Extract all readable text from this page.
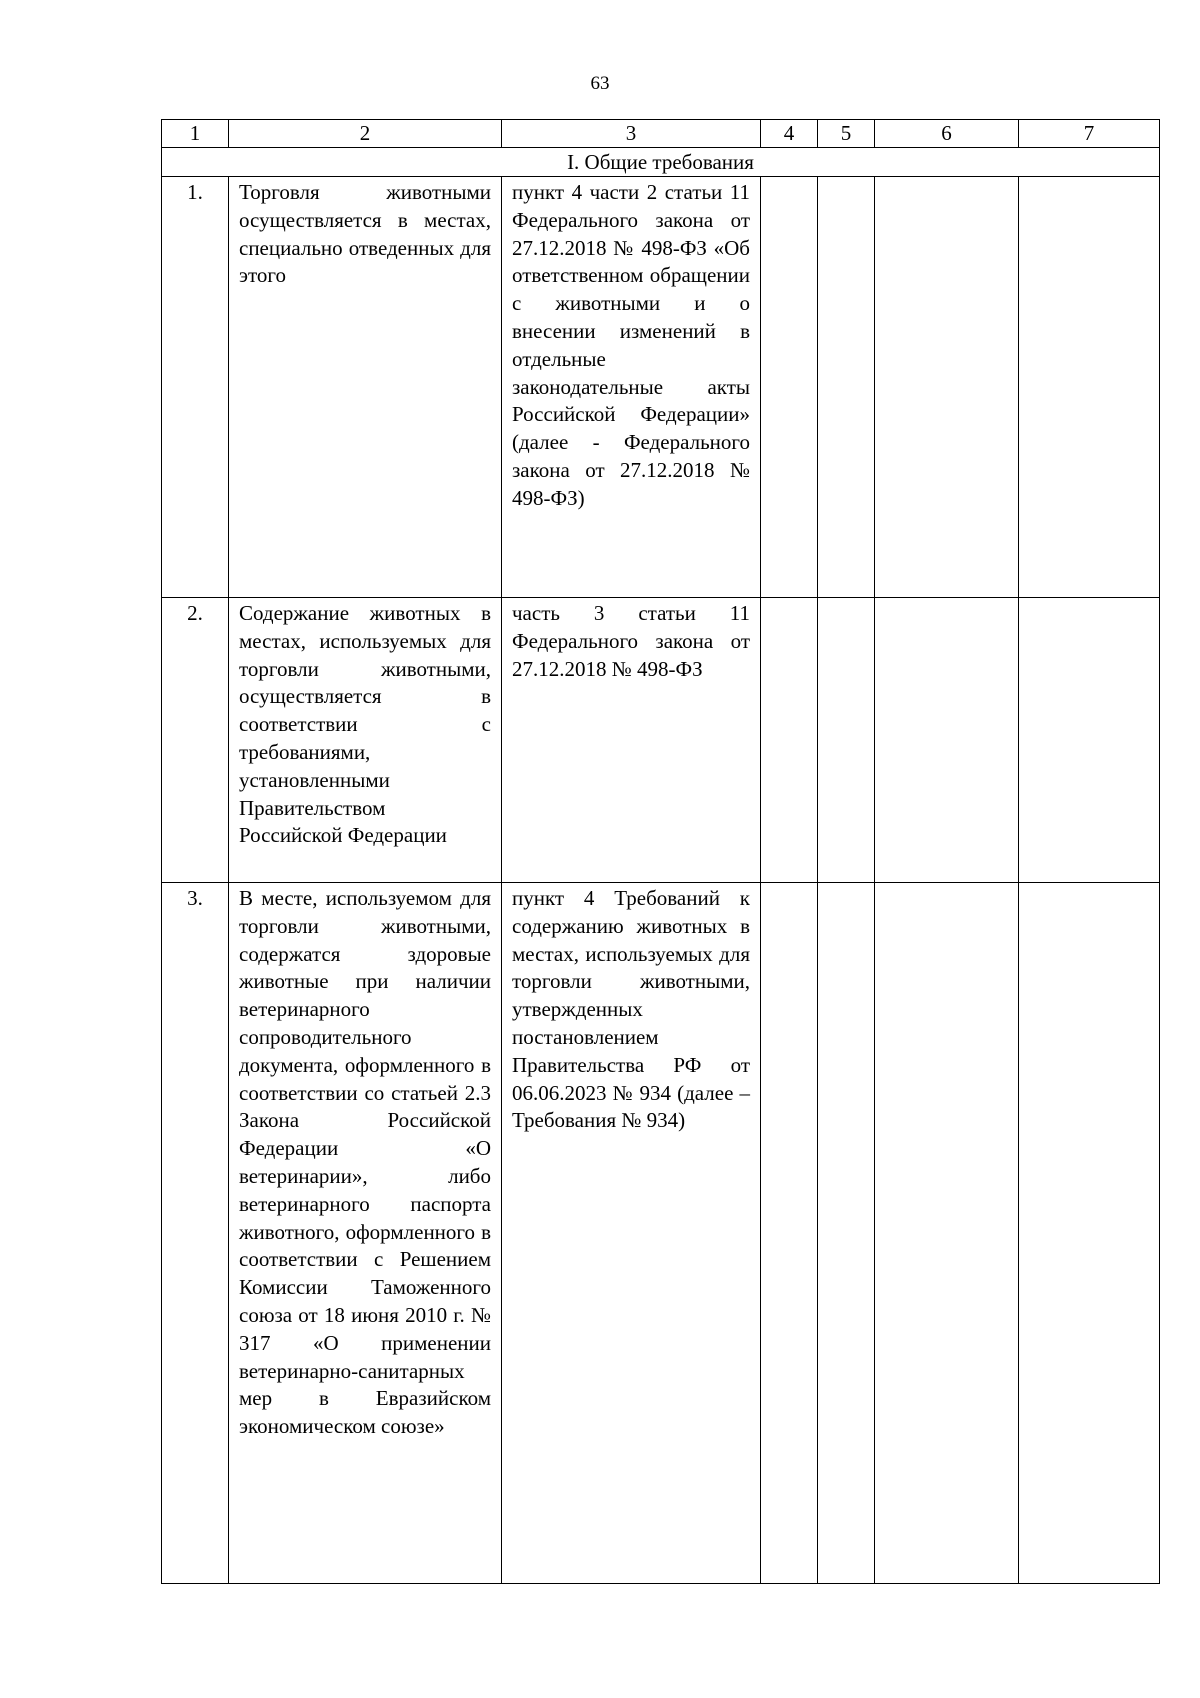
63
1	2	3	4	5	6	7
I. Общие требования						
1.	Торговля животными осуществляется в местах, специально отведенных для этого	пункт 4 части 2 статьи 11 Федерального закона от 27.12.2018 № 498-ФЗ «Об ответственном обращении с животными и о внесении изменений в отдельные законодательные акты Российской Федерации» (далее - Федерального закона от 27.12.2018 № 498-ФЗ)				
2.	Содержание животных в местах, используемых для торговли животными, осуществляется в соответствии с требованиями, установленными Правительством Российской Федерации	часть 3 статьи 11 Федерального закона от 27.12.2018 № 498-ФЗ				
3.	В месте, используемом для торговли животными, содержатся здоровые животные при наличии ветеринарного сопроводительного документа, оформленного в соответствии со статьей 2.3 Закона Российской Федерации «О ветеринарии», либо ветеринарного паспорта животного, оформленного в соответствии с Решением Комиссии Таможенного союза от 18 июня 2010 г. № 317 «О применении ветеринарно-санитарных мер в Евразийском экономическом союзе»	пункт 4 Требований к содержанию животных в местах, используемых для торговли животными, утвержденных постановлением Правительства РФ от 06.06.2023 № 934 (далее – Требования № 934)				
